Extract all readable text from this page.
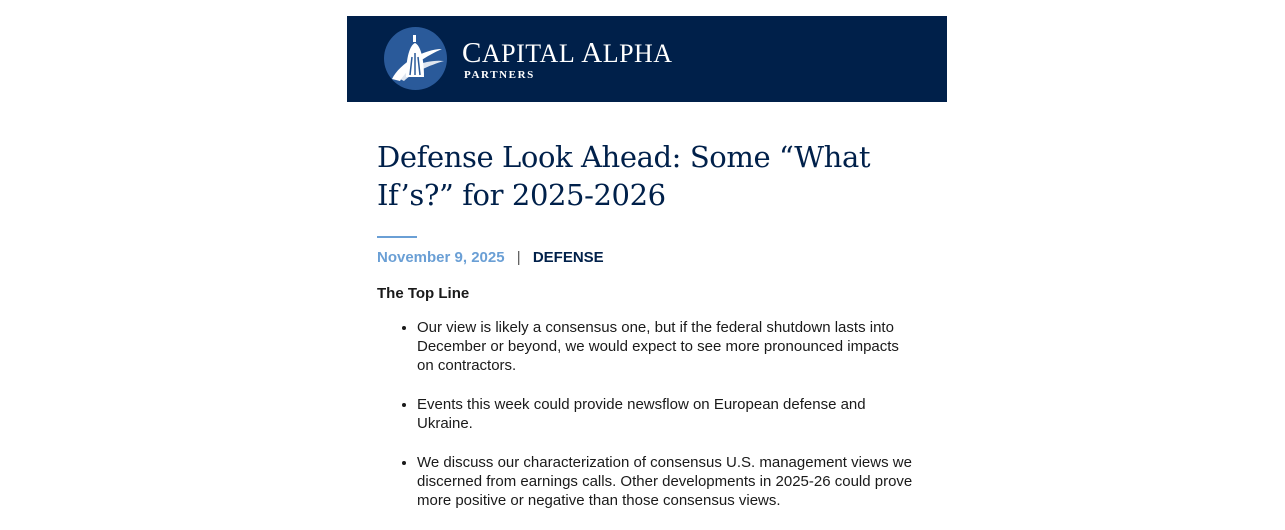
CAPITAL ALPHA
PARTNERS
Defense Look Ahead: Some “What If’s?” for 2025-2026
November 9, 2025 | DEFENSE
The Top Line
• Our view is likely a consensus one, but if the federal shutdown lasts into December or beyond, we would expect to see more pronounced impacts on contractors.
• Events this week could provide newsflow on European defense and Ukraine.
• We discuss our characterization of consensus U.S. management views we discerned from earnings calls. Other developments in 2025-26 could prove more positive or negative than those consensus views.
